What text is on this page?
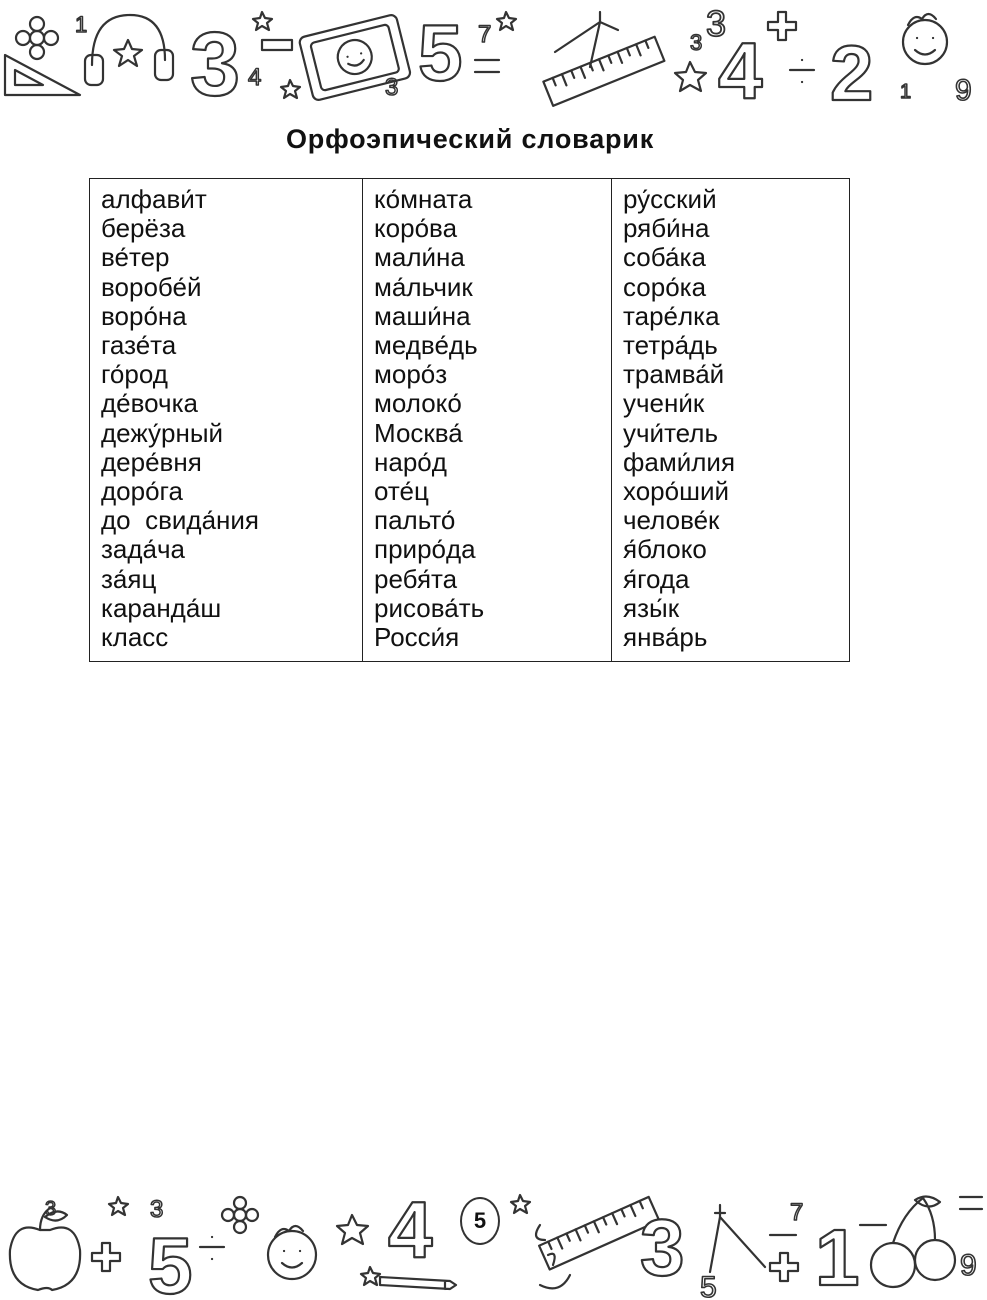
1 3 4	3 5 7	3 3
4 2 1 9
Орфоэпический словарик
алфави́т
берёза
ве́тер
воробе́й
воро́на
газе́та
го́род
де́вочка
дежу́рный
дере́вня
доро́га
до  свида́ния
зада́ча
за́яц
каранда́ш
класс

ко́мната
коро́ва
мали́на
ма́льчик
маши́на
медве́дь
моро́з
молоко́
Москва́
наро́д
оте́ц
пальто́
приро́да
ребя́та
рисова́ть
Росси́я

ру́сский
ряби́на
соба́ка
соро́ка
таре́лка
тетра́дь
трамва́й
учени́к
учи́тель
фами́лия
хоро́ший
челове́к
я́блоко
я́года
язы́к
янва́рь
3	3
5 4	3 5
7
1	9
5
